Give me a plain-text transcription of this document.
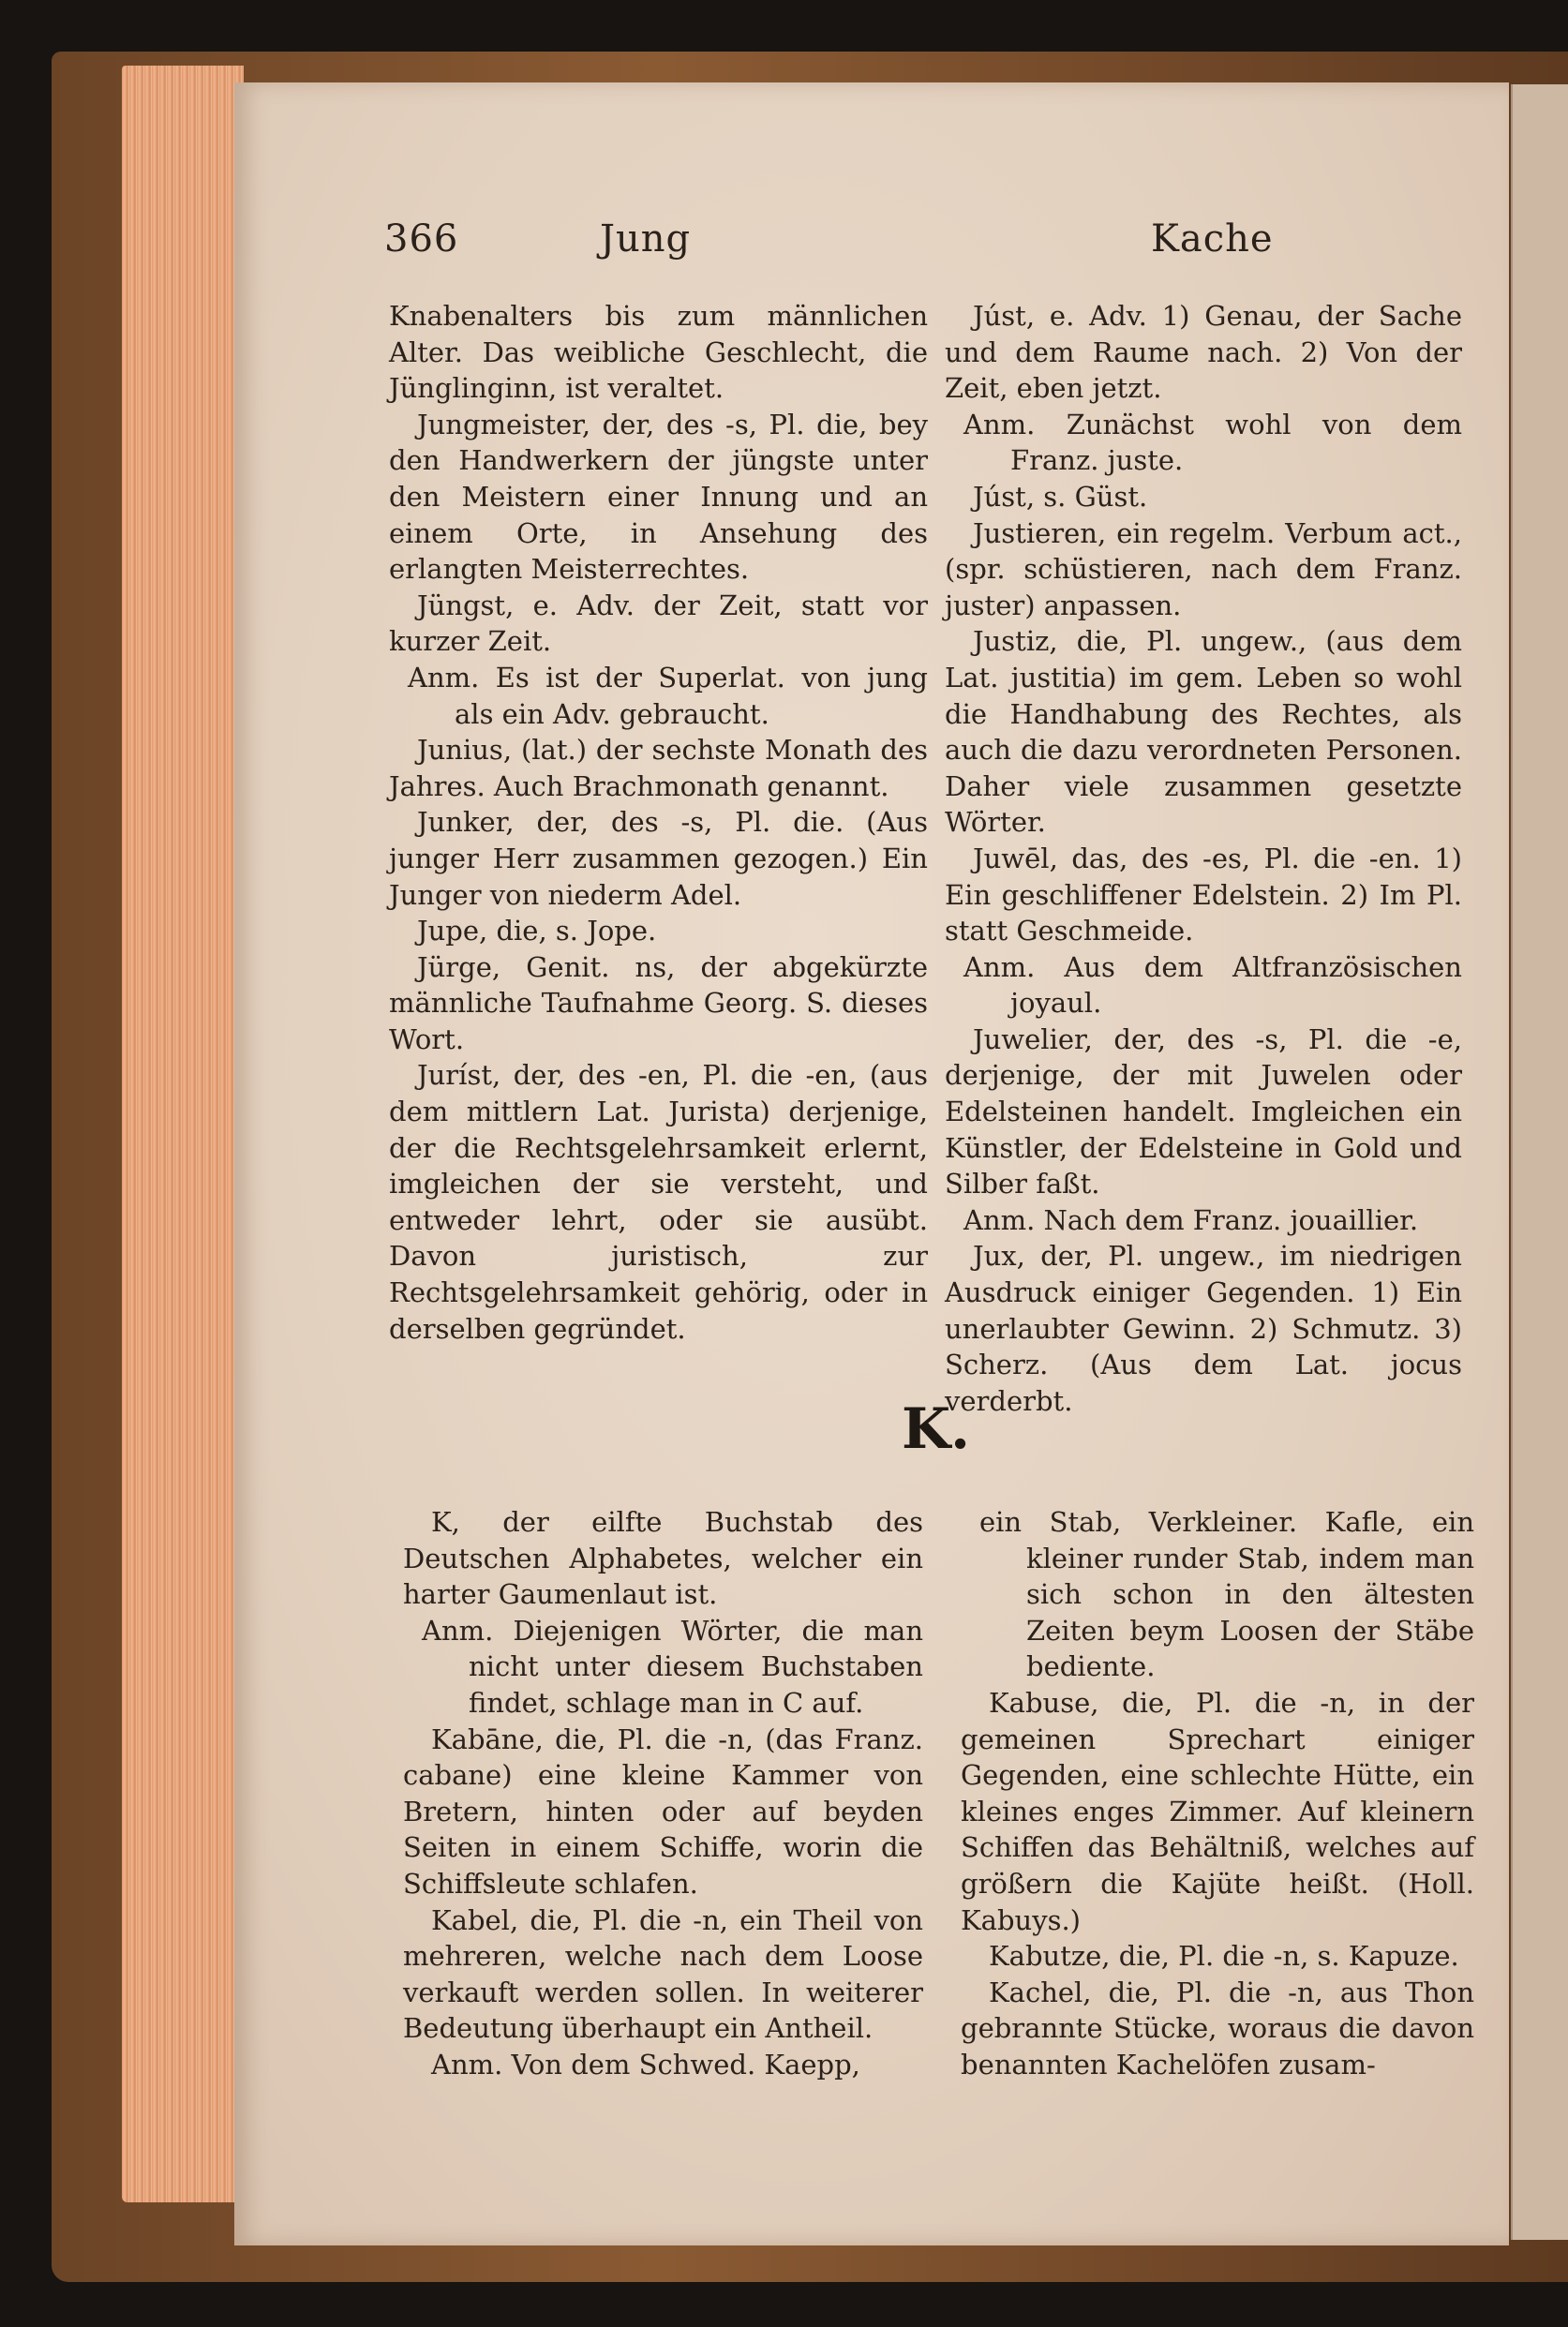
366	Jung	Kache

Knabenalters bis zum männlichen Alter. Das weibliche Geschlecht, die Jünglinginn, ist veraltet.

Jungmeister, der, des -s, Pl. die, bey den Handwerkern der jüngste unter den Meistern einer Innung und an einem Orte, in Ansehung des erlangten Meisterrechtes.

Jüngst, e. Adv. der Zeit, statt vor kurzer Zeit.

Anm. Es ist der Superlat. von jung als ein Adv. gebraucht.

Junius, (lat.) der sechste Monath des Jahres. Auch Brachmonath genannt.

Junker, der, des -s, Pl. die. (Aus junger Herr zusammen gezogen.) Ein Junger von niederm Adel.

Jupe, die, s. Jope.

Jürge, Genit. ns, der abgekürzte männliche Taufnahme Georg. S. dieses Wort.

Juríst, der, des -en, Pl. die -en, (aus dem mittlern Lat. Jurista) derjenige, der die Rechtsgelehrsamkeit erlernt, imgleichen der sie versteht, und entweder lehrt, oder sie ausübt. Davon juristisch, zur Rechtsgelehrsamkeit gehörig, oder in derselben gegründet.

Júst, e. Adv. 1) Genau, der Sache und dem Raume nach. 2) Von der Zeit, eben jetzt.

Anm. Zunächst wohl von dem Franz. juste.

Júst, s. Güst.

Justieren, ein regelm. Verbum act., (spr. schüstieren, nach dem Franz. juster) anpassen.

Justiz, die, Pl. ungew., (aus dem Lat. justitia) im gem. Leben so wohl die Handhabung des Rechtes, als auch die dazu verordneten Personen. Daher viele zusammen gesetzte Wörter.

Juwēl, das, des -es, Pl. die -en. 1) Ein geschliffener Edelstein. 2) Im Pl. statt Geschmeide.

Anm. Aus dem Altfranzösischen joyaul.

Juwelier, der, des -s, Pl. die -e, derjenige, der mit Juwelen oder Edelsteinen handelt. Imgleichen ein Künstler, der Edelsteine in Gold und Silber faßt.

Anm. Nach dem Franz. jouaillier.

Jux, der, Pl. ungew., im niedrigen Ausdruck einiger Gegenden. 1) Ein unerlaubter Gewinn. 2) Schmutz. 3) Scherz. (Aus dem Lat. jocus verderbt.

K.

K, der eilfte Buchstab des Deutschen Alphabetes, welcher ein harter Gaumenlaut ist.

Anm. Diejenigen Wörter, die man nicht unter diesem Buchstaben findet, schlage man in C auf.

Kabāne, die, Pl. die -n, (das Franz. cabane) eine kleine Kammer von Bretern, hinten oder auf beyden Seiten in einem Schiffe, worin die Schiffsleute schlafen.

Kabel, die, Pl. die -n, ein Theil von mehreren, welche nach dem Loose verkauft werden sollen. In weiterer Bedeutung überhaupt ein Antheil.

Anm. Von dem Schwed. Kaepp,

ein Stab, Verkleiner. Kafle, ein kleiner runder Stab, indem man sich schon in den ältesten Zeiten beym Loosen der Stäbe bediente.

Kabuse, die, Pl. die -n, in der gemeinen Sprechart einiger Gegenden, eine schlechte Hütte, ein kleines enges Zimmer. Auf kleinern Schiffen das Behältniß, welches auf größern die Kajüte heißt. (Holl. Kabuys.)

Kabutze, die, Pl. die -n, s. Kapuze.

Kachel, die, Pl. die -n, aus Thon gebrannte Stücke, woraus die davon benannten Kachelöfen zusam-
